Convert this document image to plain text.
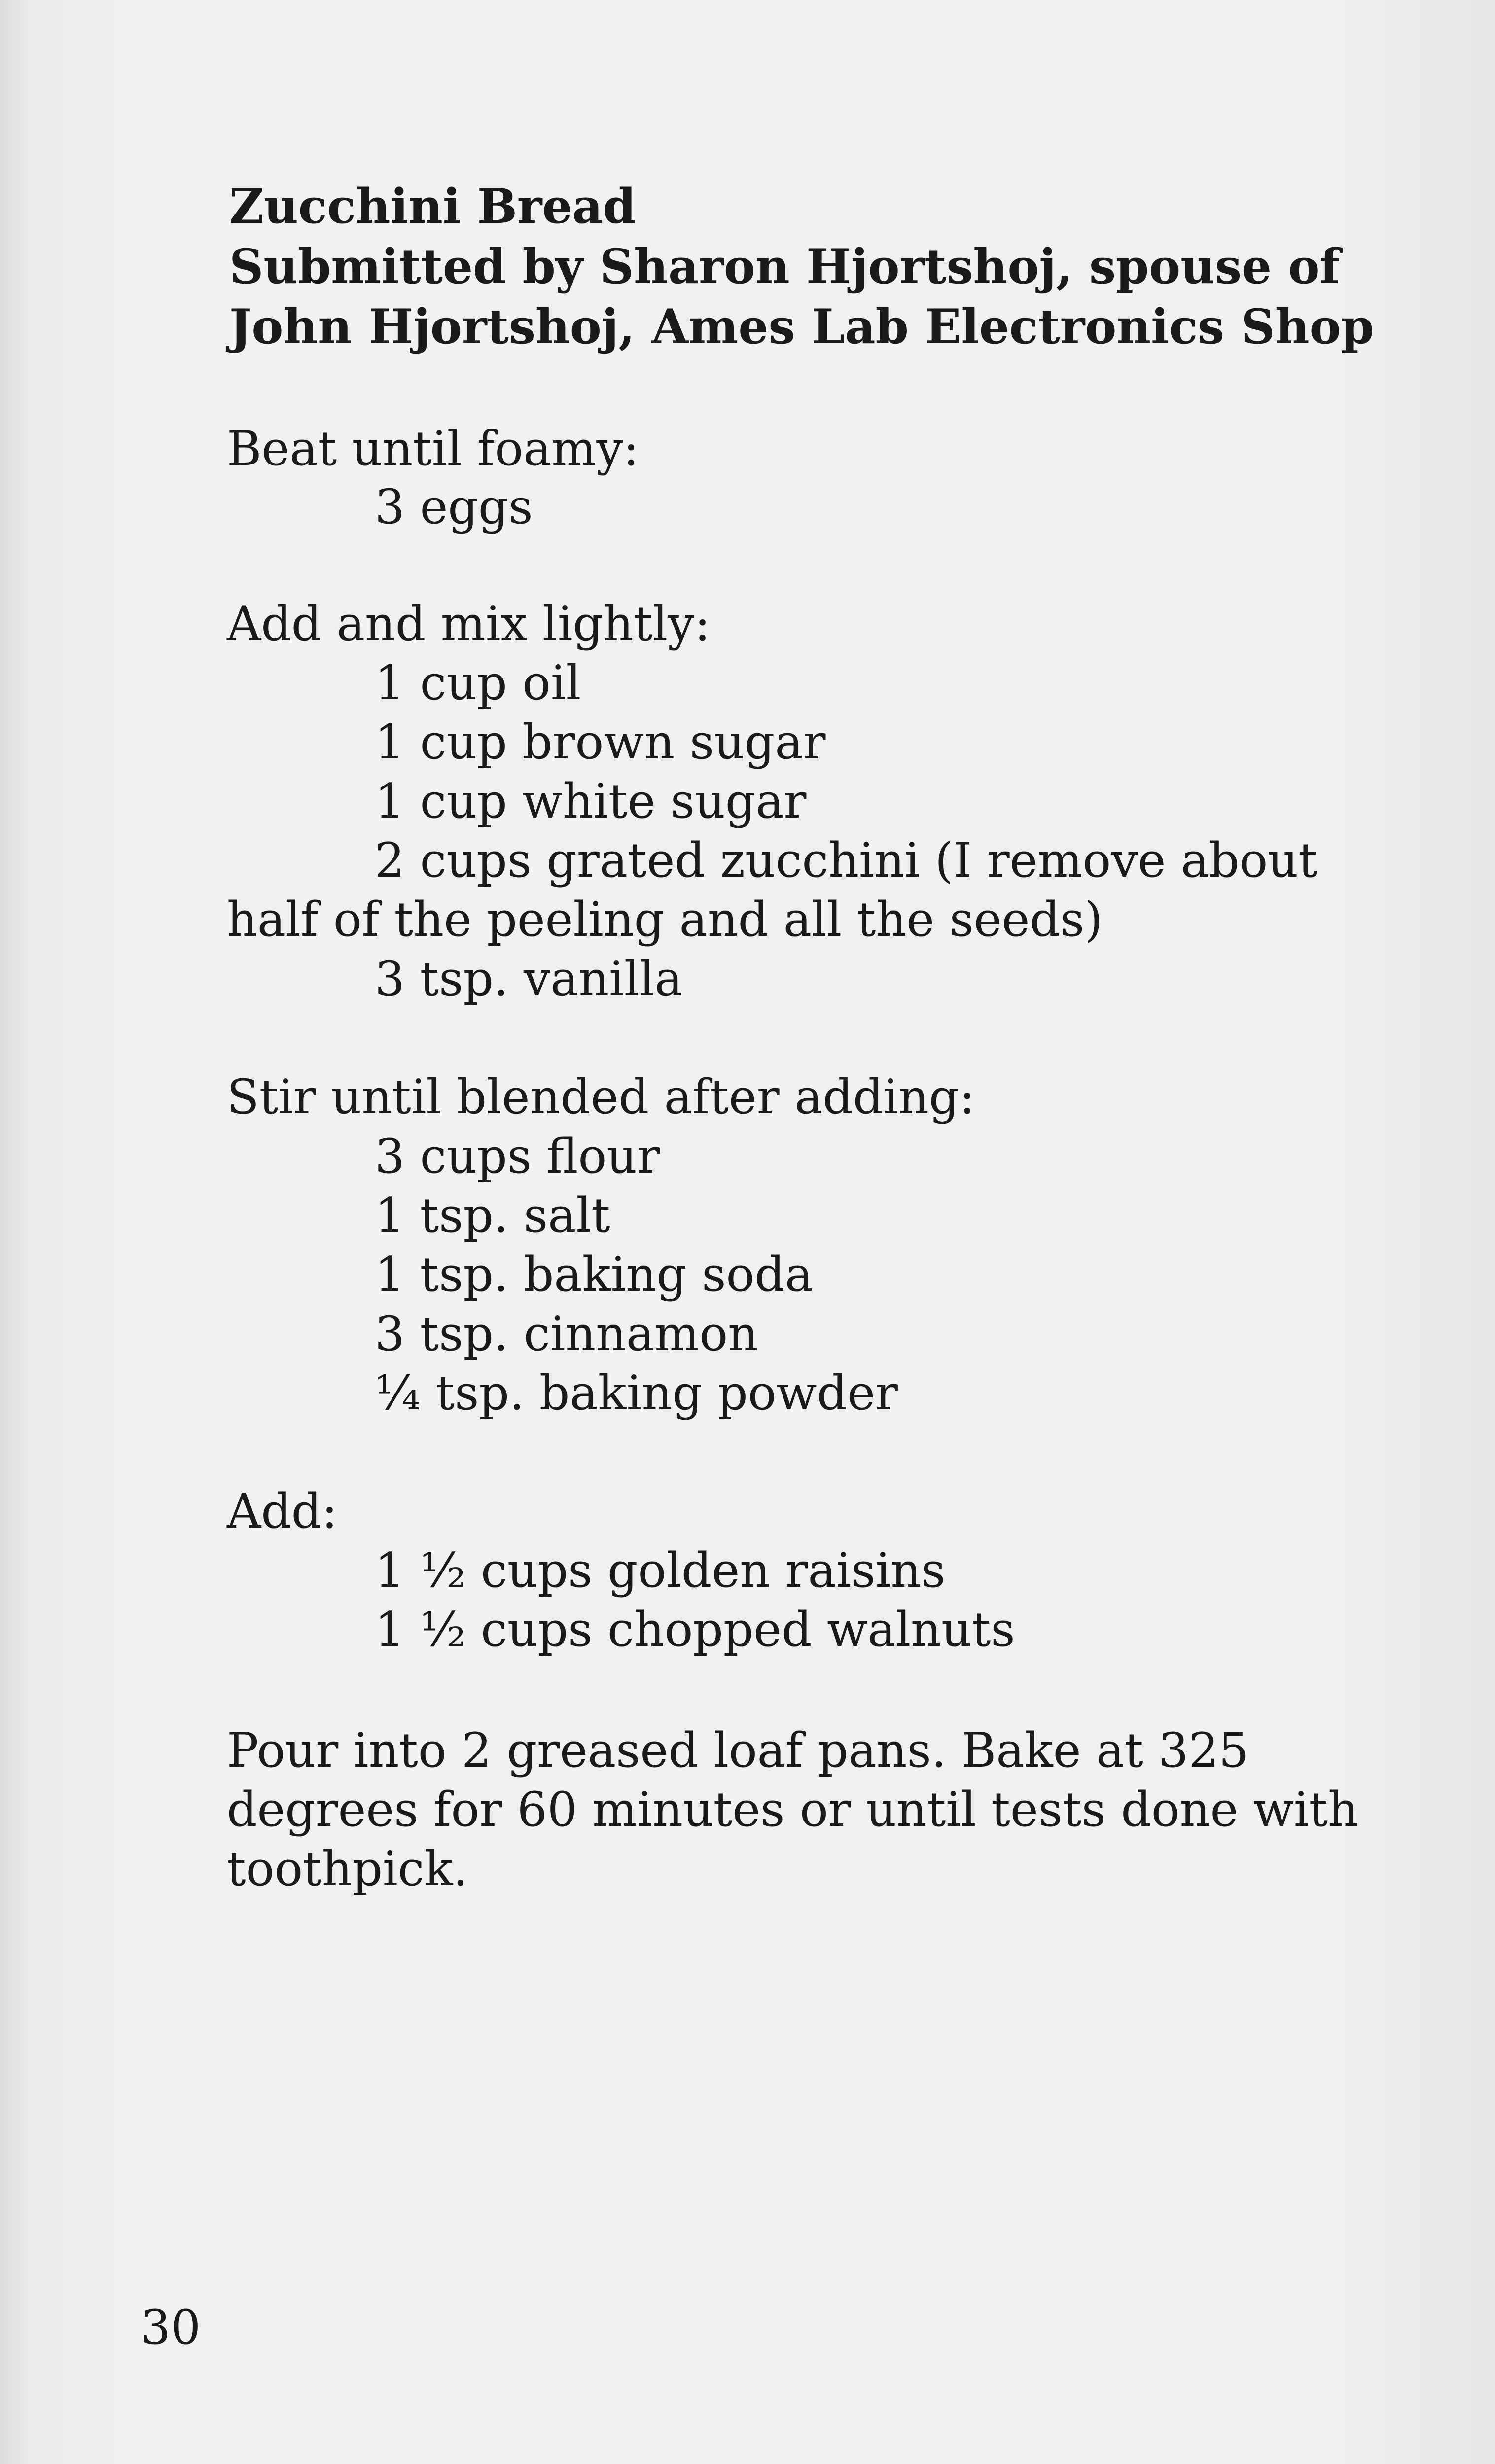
Zucchini Bread
Submitted by Sharon Hjortshoj, spouse of
John Hjortshoj, Ames Lab Electronics Shop
Beat until foamy:
3 eggs
Add and mix lightly:
1 cup oil
1 cup brown sugar
1 cup white sugar
2 cups grated zucchini (I remove about
half of the peeling and all the seeds)
3 tsp. vanilla
Stir until blended after adding:
3 cups flour
1 tsp. salt
1 tsp. baking soda
3 tsp. cinnamon
¼ tsp. baking powder
Add:
1 ½ cups golden raisins
1 ½ cups chopped walnuts
Pour into 2 greased loaf pans. Bake at 325
degrees for 60 minutes or until tests done with
toothpick.
30
